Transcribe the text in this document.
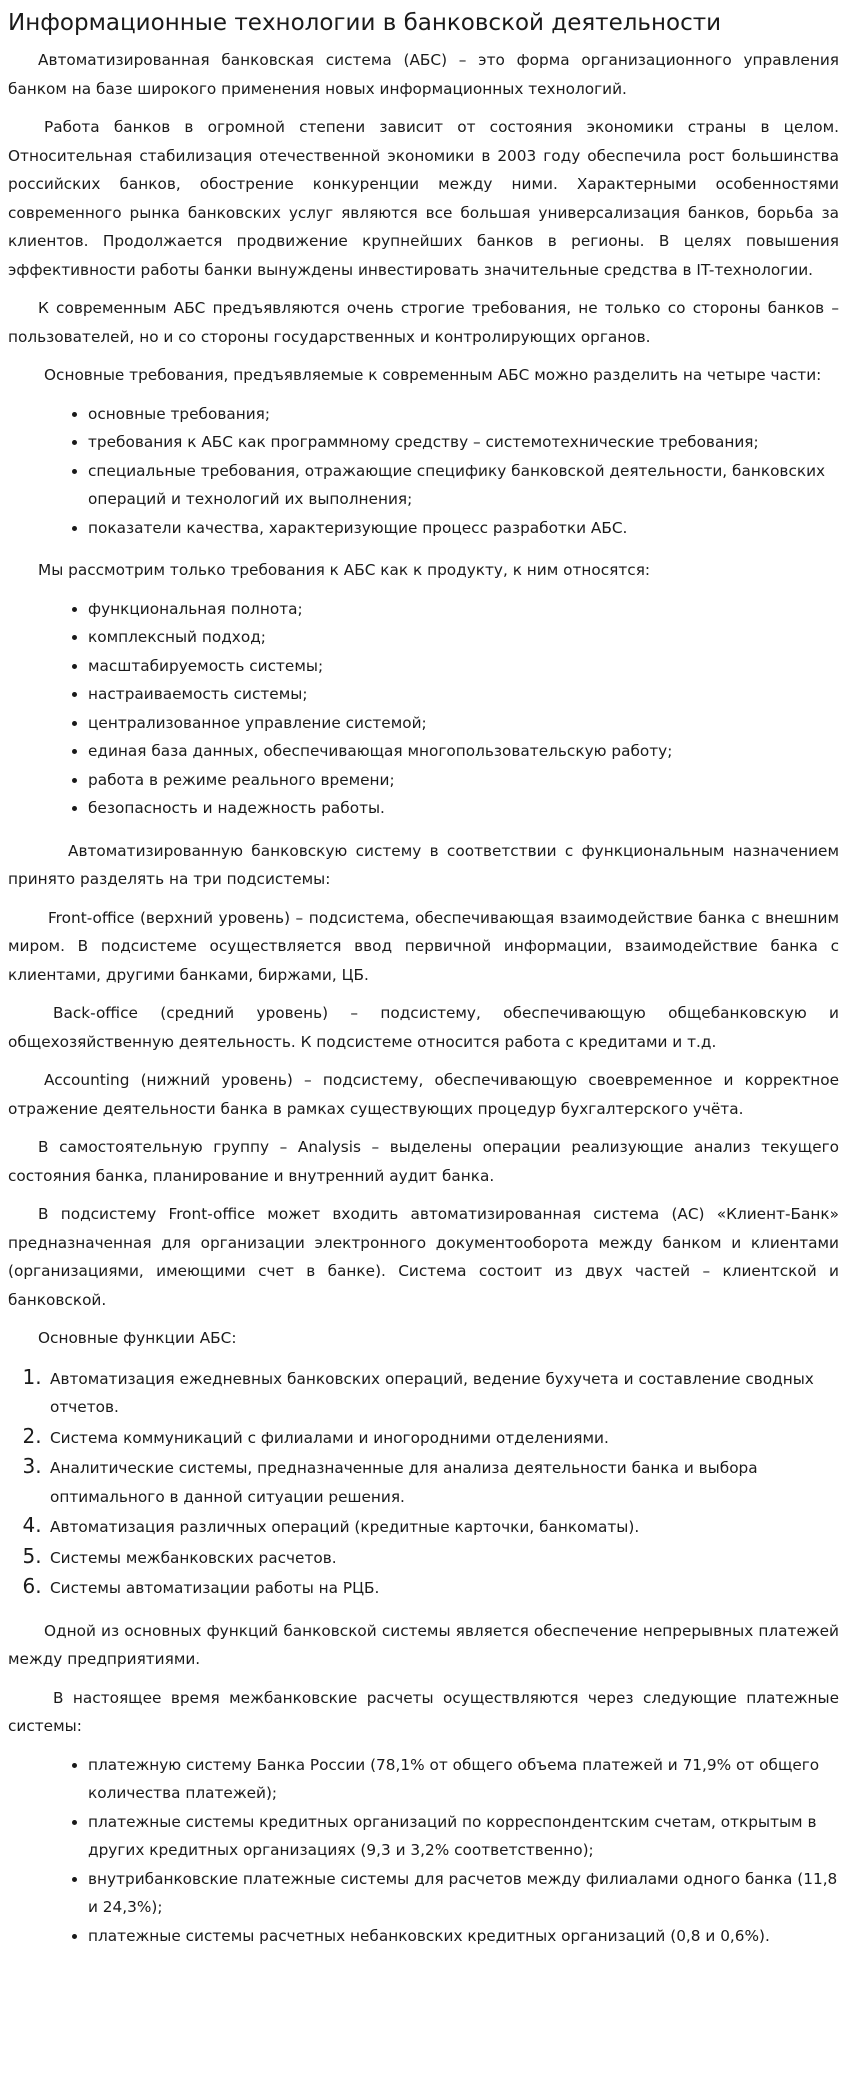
Информационные технологии в банковской деятельности

Автоматизированная банковская система (АБС) – это форма организационного управления банком на базе широкого применения новых информационных технологий.

Работа банков в огромной степени зависит от состояния экономики страны в целом. Относительная стабилизация отечественной экономики в 2003 году обеспечила рост большинства российских банков, обострение конкуренции между ними. Характерными особенностями современного рынка банковских услуг являются все большая универсализация банков, борьба за клиентов. Продолжается продвижение крупнейших банков в регионы. В целях повышения эффективности работы банки вынуждены инвестировать значительные средства в IT-технологии.

К современным АБС предъявляются очень строгие требования, не только со стороны банков – пользователей, но и со стороны государственных и контролирующих органов.

Основные требования, предъявляемые к современным АБС можно разделить на четыре части:

• основные требования;
• требования к АБС как программному средству – системотехнические требования;
• специальные требования, отражающие специфику банковской деятельности, банковских операций и технологий их выполнения;
• показатели качества, характеризующие процесс разработки АБС.

Мы рассмотрим только требования к АБС как к продукту, к ним относятся:

• функциональная полнота;
• комплексный подход;
• масштабируемость системы;
• настраиваемость системы;
• централизованное управление системой;
• единая база данных, обеспечивающая многопользовательскую работу;
• работа в режиме реального времени;
• безопасность и надежность работы.

Автоматизированную банковскую систему в соответствии с функциональным назначением принято разделять на три подсистемы:

Front-office (верхний уровень) – подсистема, обеспечивающая взаимодействие банка с внешним миром. В подсистеме осуществляется ввод первичной информации, взаимодействие банка с клиентами, другими банками, биржами, ЦБ.

Back-office (средний уровень) – подсистему, обеспечивающую общебанковскую и общехозяйственную деятельность. К подсистеме относится работа с кредитами и т.д.

Accounting (нижний уровень) – подсистему, обеспечивающую своевременное и корректное отражение деятельности банка в рамках существующих процедур бухгалтерского учёта.

В самостоятельную группу – Analysis – выделены операции реализующие анализ текущего состояния банка, планирование и внутренний аудит банка.

В подсистему Front-office может входить автоматизированная система (АС) «Клиент-Банк» предназначенная для организации электронного документооборота между банком и клиентами (организациями, имеющими счет в банке). Система состоит из двух частей – клиентской и банковской.

Основные функции АБС:

1. Автоматизация ежедневных банковских операций, ведение бухучета и составление сводных отчетов.
2. Система коммуникаций с филиалами и иногородними отделениями.
3. Аналитические системы, предназначенные для анализа деятельности банка и выбора оптимального в данной ситуации решения.
4. Автоматизация различных операций (кредитные карточки, банкоматы).
5. Системы межбанковских расчетов.
6. Системы автоматизации работы на РЦБ.

Одной из основных функций банковской системы является обеспечение непрерывных платежей между предприятиями.

В настоящее время межбанковские расчеты осуществляются через следующие платежные системы:

• платежную систему Банка России (78,1% от общего объема платежей и 71,9% от общего количества платежей);
• платежные системы кредитных организаций по корреспондентским счетам, открытым в других кредитных организациях (9,3 и 3,2% соответственно);
• внутрибанковские платежные системы для расчетов между филиалами одного банка (11,8 и 24,3%);
• платежные системы расчетных небанковских кредитных организаций (0,8 и 0,6%).
